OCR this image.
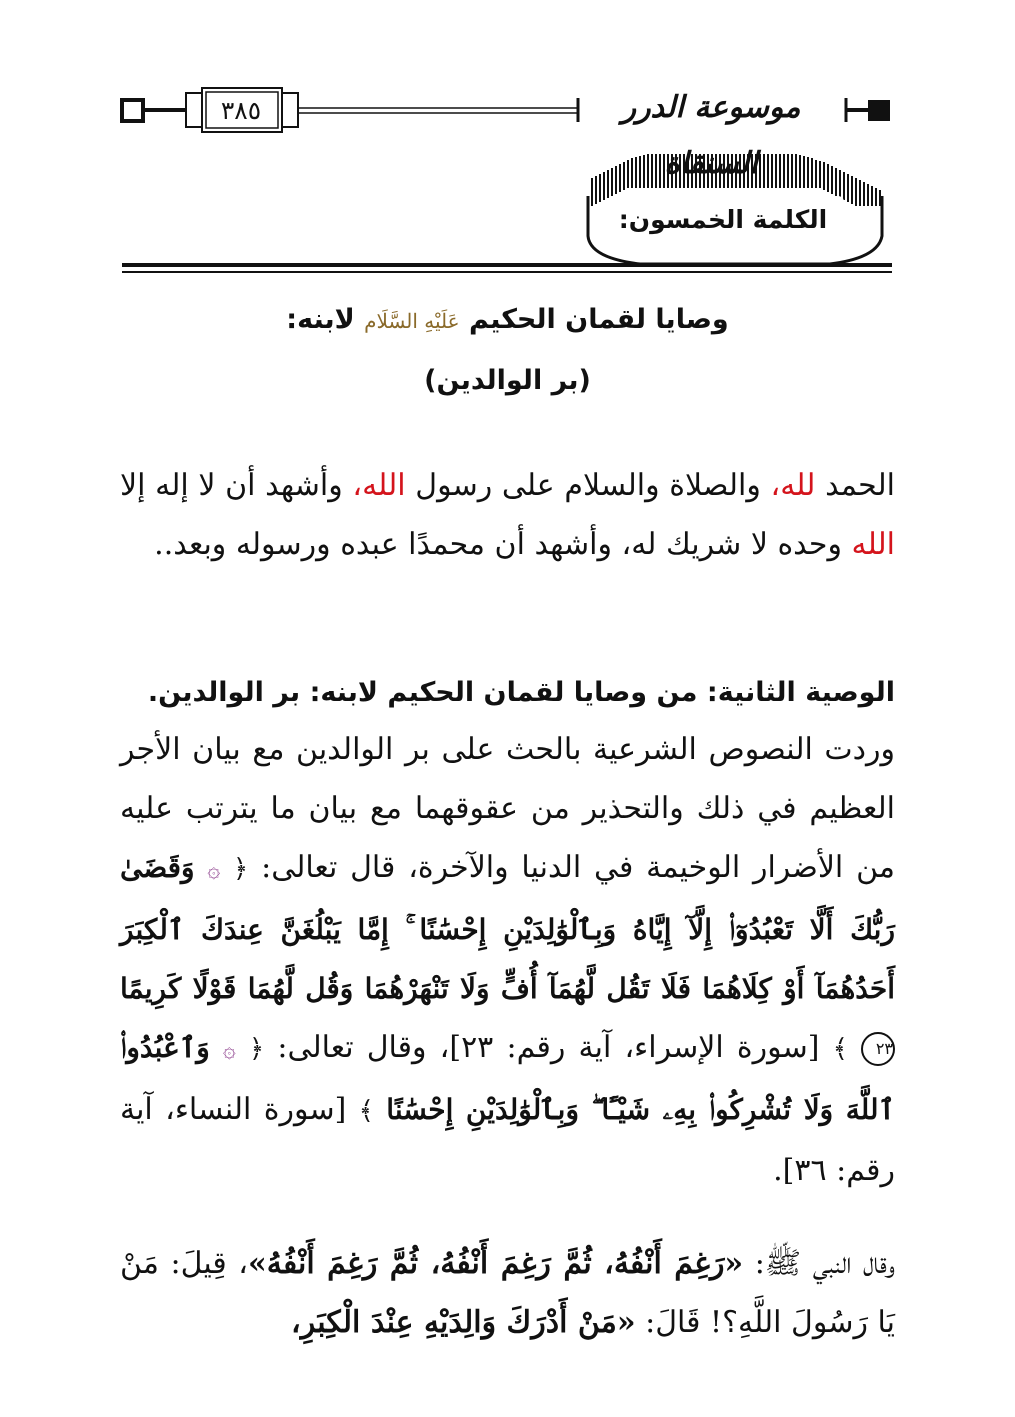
٣٨٥	موسوعة الدرر السنقاة
الكلمة الخمسون:
وصايا لقمان الحكيم عَلَيْهِ السَّلَام لابنه:
(بر الوالدين)
الحمد لله، والصلاة والسلام على رسول الله، وأشهد أن لا إله إلا الله وحده لا شريك له، وأشهد أن محمدًا عبده ورسوله وبعد..
الوصية الثانية: من وصايا لقمان الحكيم لابنه: بر الوالدين.
وردت النصوص الشرعية بالحث على بر الوالدين مع بيان الأجر العظيم في ذلك والتحذير من عقوقهما مع بيان ما يترتب عليه من الأضرار الوخيمة في الدنيا والآخرة، قال تعالى: ﴿ ۞ وَقَضَىٰ رَبُّكَ أَلَّا تَعْبُدُوٓا۟ إِلَّآ إِيَّاهُ وَبِٱلْوَٰلِدَيْنِ إِحْسَٰنًا ۚ إِمَّا يَبْلُغَنَّ عِندَكَ ٱلْكِبَرَ أَحَدُهُمَآ أَوْ كِلَاهُمَا فَلَا تَقُل لَّهُمَآ أُفٍّ وَلَا تَنْهَرْهُمَا وَقُل لَّهُمَا قَوْلًا كَرِيمًا ٢٣ ﴾ [سورة الإسراء، آية رقم: ٢٣]، وقال تعالى: ﴿ ۞ وَٱعْبُدُوا۟ ٱللَّهَ وَلَا تُشْرِكُوا۟ بِهِۦ شَيْـًٔا ۖ وَبِٱلْوَٰلِدَيْنِ إِحْسَٰنًا ﴾ [سورة النساء، آية رقم: ٣٦].
وقال النبي ﷺ: «رَغِمَ أَنْفُهُ، ثُمَّ رَغِمَ أَنْفُهُ، ثُمَّ رَغِمَ أَنْفُهُ»، قِيلَ: مَنْ يَا رَسُولَ اللَّهِ؟! قَالَ: «مَنْ أَدْرَكَ وَالِدَيْهِ عِنْدَ الْكِبَرِ،
